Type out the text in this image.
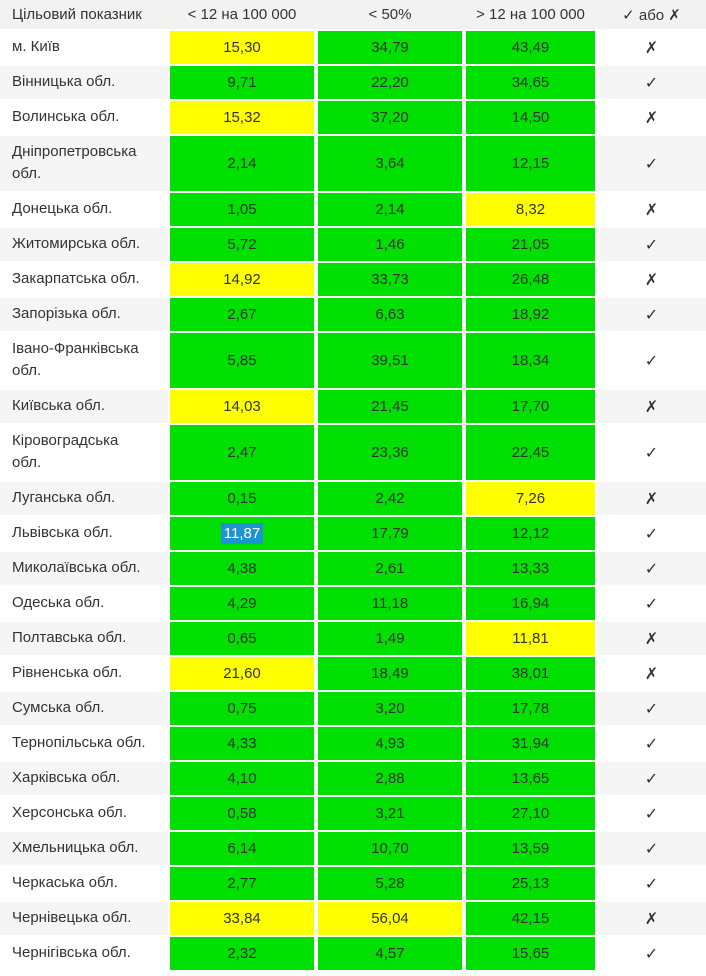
Цільовий показник	< 12 на 100 000	< 50%	> 12 на 100 000	✓ або ✗
м. Київ	15,30	34,79	43,49	✗
Вінницька обл.	9,71	22,20	34,65	✓
Волинська обл.	15,32	37,20	14,50	✗
Дніпропетровська обл.	2,14	3,64	12,15	✓
Донецька обл.	1,05	2,14	8,32	✗
Житомирська обл.	5,72	1,46	21,05	✓
Закарпатська обл.	14,92	33,73	26,48	✗
Запорізька обл.	2,67	6,63	18,92	✓
Івано-Франківська обл.	5,85	39,51	18,34	✓
Київська обл.	14,03	21,45	17,70	✗
Кіровоградська обл.	2,47	23,36	22,45	✓
Луганська обл.	0,15	2,42	7,26	✗
Львівська обл.	11,87	17,79	12,12	✓
Миколаївська обл.	4,38	2,61	13,33	✓
Одеська обл.	4,29	11,18	16,94	✓
Полтавська обл.	0,65	1,49	11,81	✗
Рівненська обл.	21,60	18,49	38,01	✗
Сумська обл.	0,75	3,20	17,78	✓
Тернопільська обл.	4,33	4,93	31,94	✓
Харківська обл.	4,10	2,88	13,65	✓
Херсонська обл.	0,58	3,21	27,10	✓
Хмельницька обл.	6,14	10,70	13,59	✓
Черкаська обл.	2,77	5,28	25,13	✓
Чернівецька обл.	33,84	56,04	42,15	✗
Чернігівська обл.	2,32	4,57	15,65	✓
